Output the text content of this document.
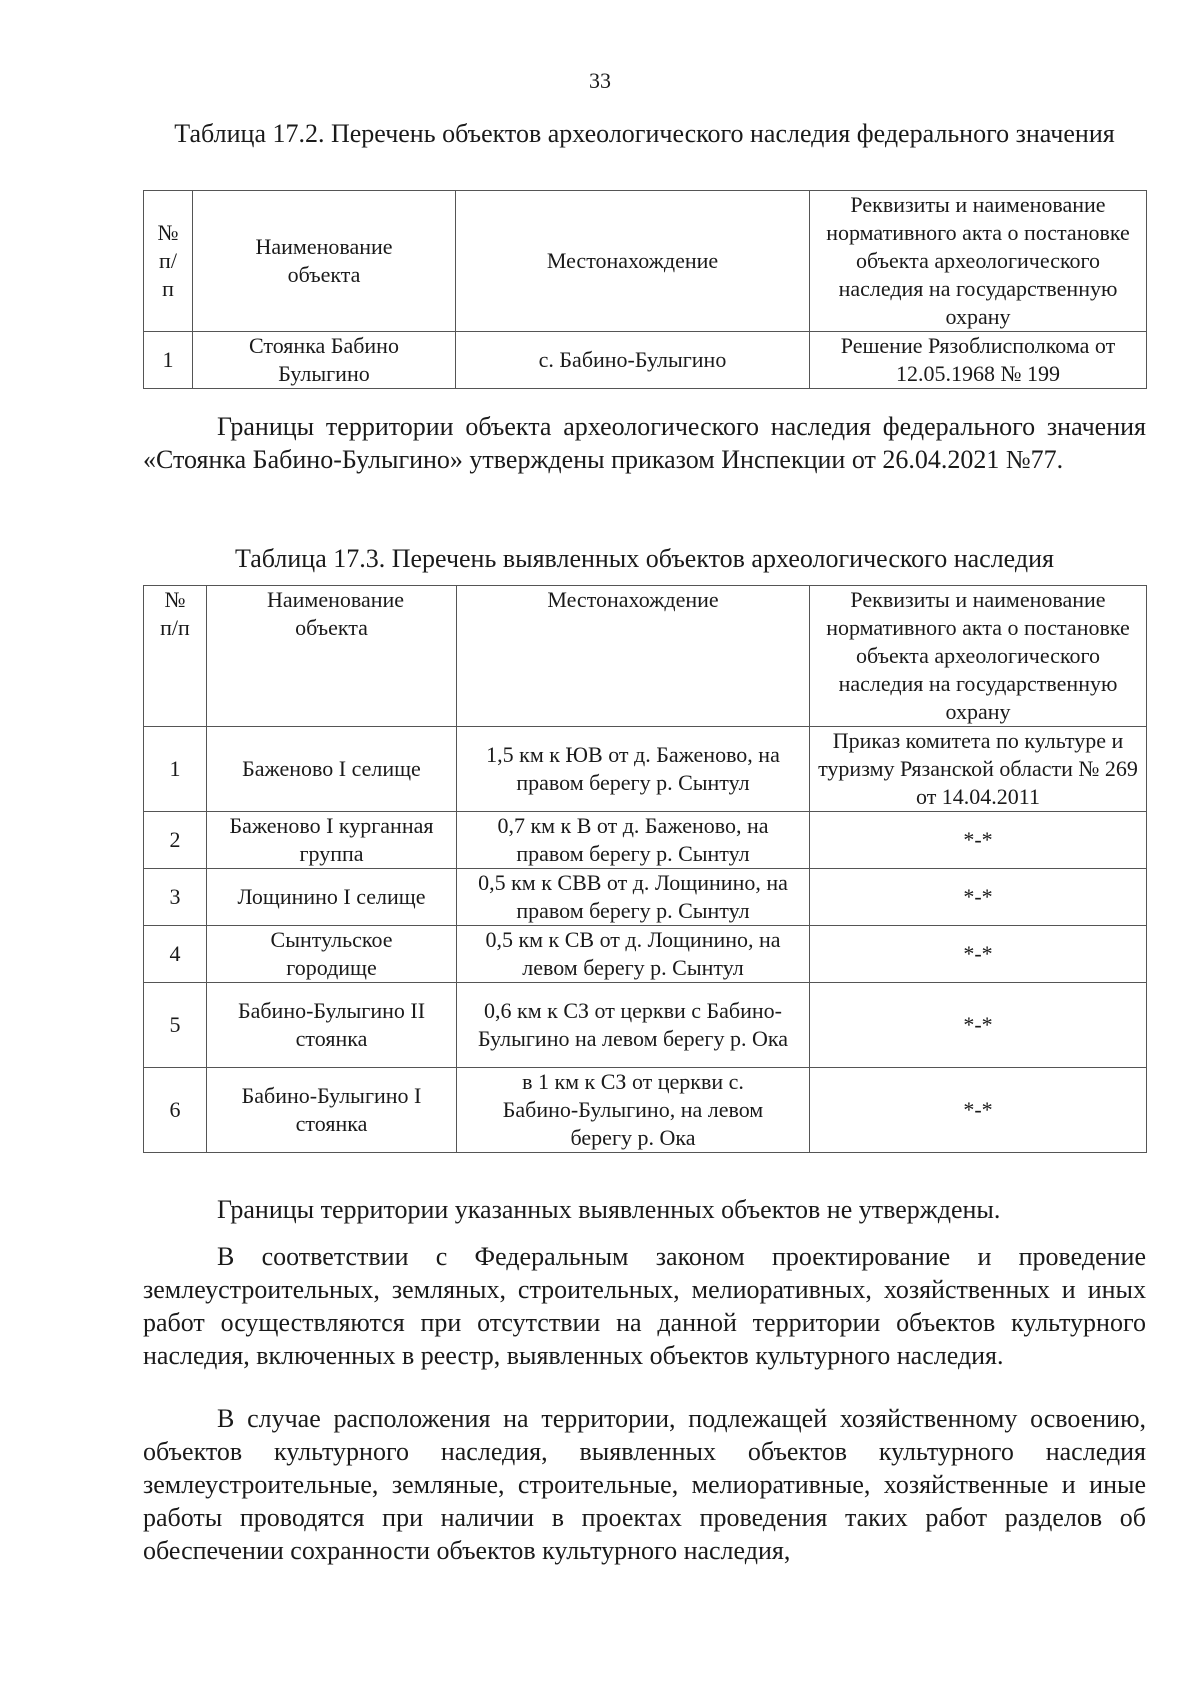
33
Таблица 17.2. Перечень объектов археологического наследия федерального значения
№ п/п	Наименование объекта	Местонахождение	Реквизиты и наименование нормативного акта о постановке объекта археологического наследия на государственную охрану
1	Стоянка Бабино Булыгино	с. Бабино-Булыгино	Решение Рязоблисполкома от 12.05.1968 № 199
Границы территории объекта археологического наследия федерального значения «Стоянка Бабино-Булыгино» утверждены приказом Инспекции от 26.04.2021 №77.
Таблица 17.3. Перечень выявленных объектов археологического наследия
№ п/п	Наименование объекта	Местонахождение	Реквизиты и наименование нормативного акта о постановке объекта археологического наследия на государственную охрану
1	Баженово I селище	1,5 км к ЮВ от д. Баженово, на правом берегу р. Сынтул	Приказ комитета по культуре и туризму Рязанской области № 269 от 14.04.2011
2	Баженово I курганная группа	0,7 км к В от д. Баженово, на правом берегу р. Сынтул	*-*
3	Лощинино I селище	0,5 км к СВВ от д. Лощинино, на правом берегу р. Сынтул	*-*
4	Сынтульское городище	0,5 км к СВ от д. Лощинино, на левом берегу р. Сынтул	*-*
5	Бабино-Булыгино II стоянка	0,6 км к СЗ от церкви с Бабино-Булыгино на левом берегу р. Ока	*-*
6	Бабино-Булыгино I стоянка	в 1 км к СЗ от церкви с. Бабино-Булыгино, на левом берегу р. Ока	*-*
Границы территории указанных выявленных объектов не утверждены.
В соответствии с Федеральным законом проектирование и проведение землеустроительных, земляных, строительных, мелиоративных, хозяйственных и иных работ осуществляются при отсутствии на данной территории объектов культурного наследия, включенных в реестр, выявленных объектов культурного наследия.
В случае расположения на территории, подлежащей хозяйственному освоению, объектов культурного наследия, выявленных объектов культурного наследия землеустроительные, земляные, строительные, мелиоративные, хозяйственные и иные работы проводятся при наличии в проектах проведения таких работ разделов об обеспечении сохранности объектов культурного наследия,
